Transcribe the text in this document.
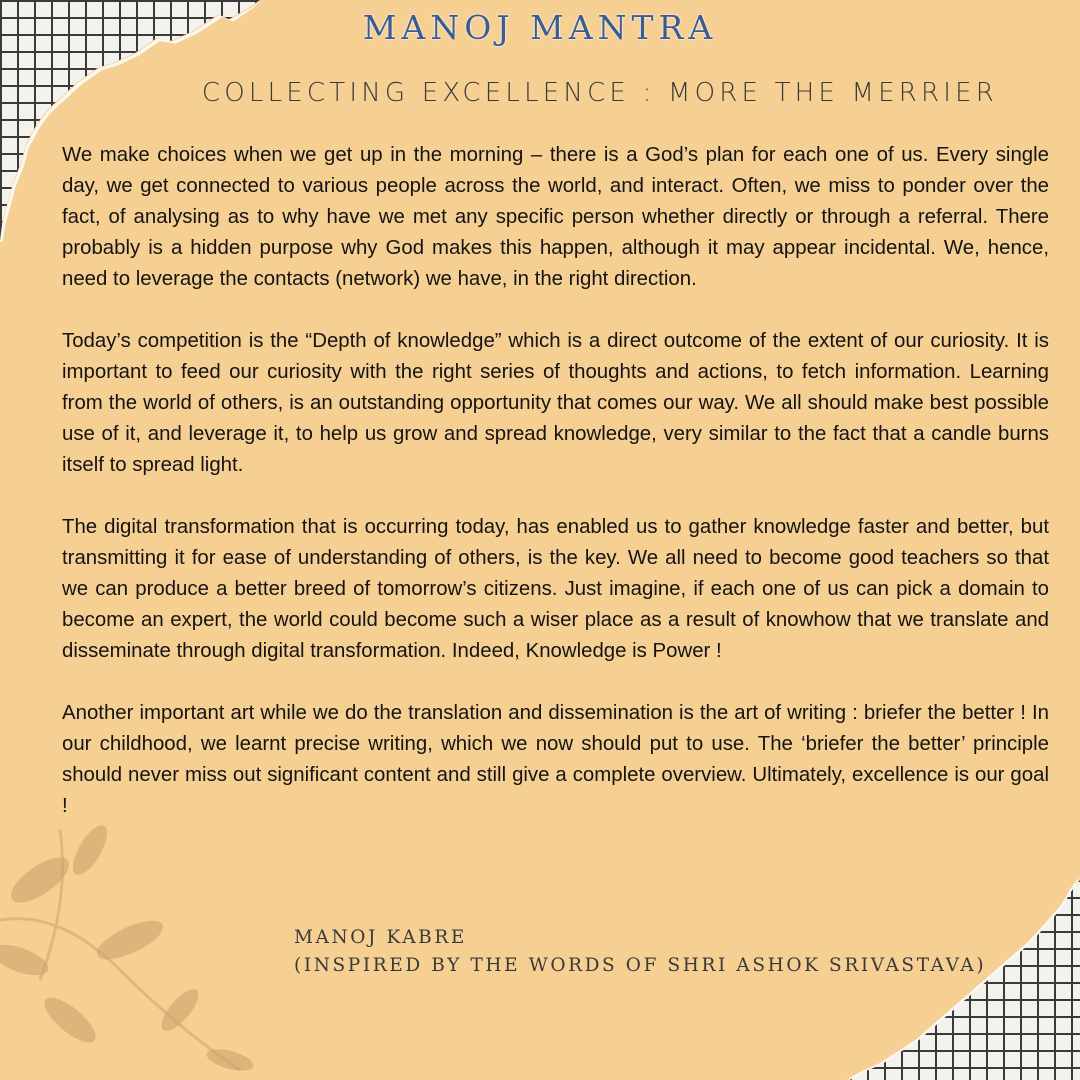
MANOJ MANTRA
COLLECTING EXCELLENCE : MORE THE MERRIER

We make choices when we get up in the morning – there is a God’s plan for each one of us. Every single day, we get connected to various people across the world, and interact. Often, we miss to ponder over the fact, of analysing as to why have we met any specific person whether directly or through a referral. There probably is a hidden purpose why God makes this happen, although it may appear incidental. We, hence, need to leverage the contacts (network) we have, in the right direction.

Today’s competition is the “Depth of knowledge” which is a direct outcome of the extent of our curiosity. It is important to feed our curiosity with the right series of thoughts and actions, to fetch information. Learning from the world of others, is an outstanding opportunity that comes our way. We all should make best possible use of it, and leverage it, to help us grow and spread knowledge, very similar to the fact that a candle burns itself to spread light.

The digital transformation that is occurring today, has enabled us to gather knowledge faster and better, but transmitting it for ease of understanding of others, is the key. We all need to become good teachers so that we can produce a better breed of tomorrow’s citizens. Just imagine, if each one of us can pick a domain to become an expert, the world could become such a wiser place as a result of knowhow that we translate and disseminate through digital transformation. Indeed, Knowledge is Power !

Another important art while we do the translation and dissemination is the art of writing : briefer the better ! In our childhood, we learnt precise writing, which we now should put to use. The ‘briefer the better’ principle should never miss out significant content and still give a complete overview. Ultimately, excellence is our goal !

MANOJ KABRE
(INSPIRED BY THE WORDS OF SHRI ASHOK SRIVASTAVA)
